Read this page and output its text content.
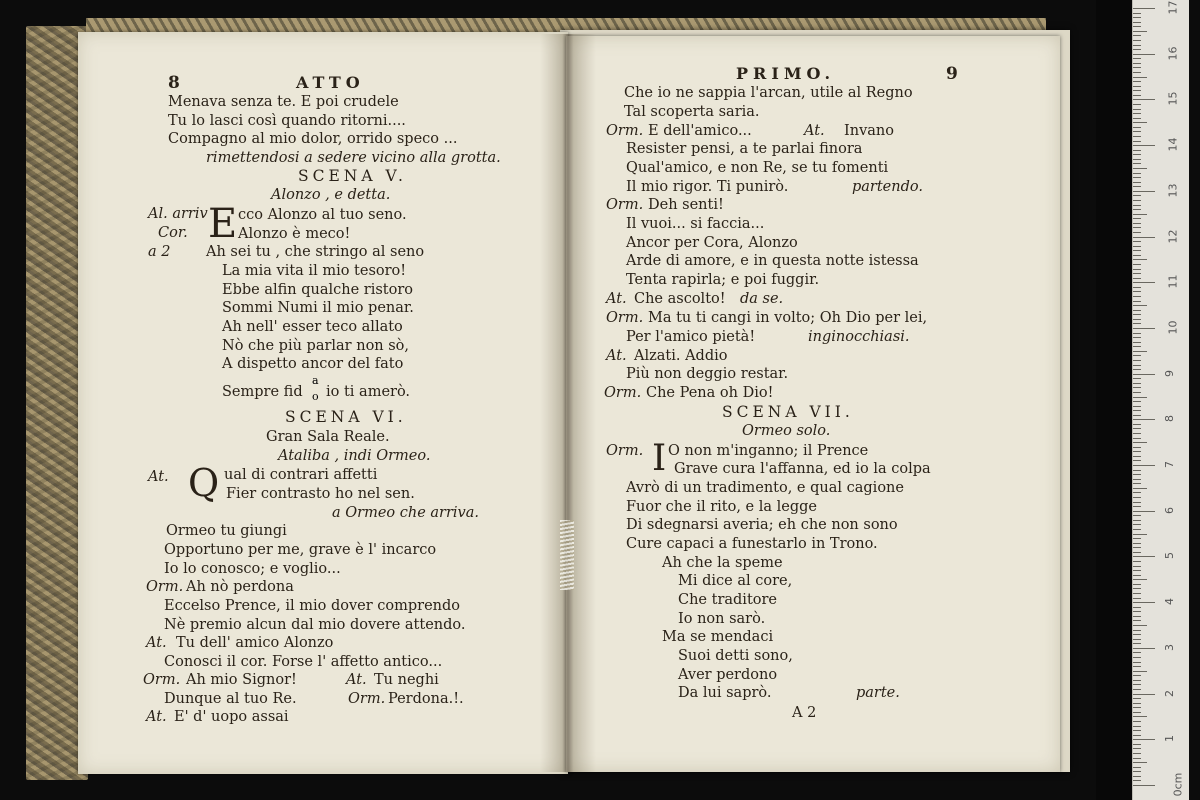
8	ATTO
Menava senza te. E poi crudele
Tu lo lasci così quando ritorni....
Compagno al mio dolor, orrido speco ...
rimettendosi a sedere vicino alla grotta.
SCENA V.
Alonzo , e detta.
Al. arriv E cco Alonzo al tuo seno.
Cor.	Alonzo è meco!
a 2 Ah sei tu , che stringo al seno
La mia vita il mio tesoro!
Ebbe alfin qualche ristoro
Sommi Numi il mio penar.
Ah nell' esser teco allato
Nò che più parlar non sò,
A dispetto ancor del fato
Sempre fid
a
o io ti amerò.
SCENA VI.
Gran Sala Reale.
Ataliba , indi Ormeo.
At. Q ual di contrari affetti
Fier contrasto ho nel sen.
a Ormeo che arriva.
Ormeo tu giungi
Opportuno per me, grave è l' incarco
Io lo conosco; e voglio...
Orm. Ah nò perdona
Eccelso Prence, il mio dover comprendo
Nè premio alcun dal mio dovere attendo.
At. Tu dell' amico Alonzo
Conosci il cor. Forse l' affetto antico...
Orm. Ah mio Signor!	At. Tu neghi
Dunque al tuo Re.	Orm. Perdona.!.
At. E' d' uopo assai
PRIMO.	9
Che io ne sappia l'arcan, utile al Regno
Tal scoperta saria.
Orm. E dell'amico...	At. Invano
Resister pensi, a te parlai finora
Qual'amico, e non Re, se tu fomenti
Il mio rigor. Ti punirò.	partendo.
Orm. Deh senti!
Il vuoi... si faccia...
Ancor per Cora, Alonzo
Arde di amore, e in questa notte istessa
Tenta rapirla; e poi fuggir.
At. Che ascolto! da se.
Orm. Ma tu ti cangi in volto; Oh Dio per lei,
Per l'amico pietà!	inginocchiasi.
At. Alzati. Addio
Più non deggio restar.
Orm. Che Pena oh Dio!
SCENA VII.
Ormeo solo.
Orm. I O non m'inganno; il Prence
Grave cura l'affanna, ed io la colpa
Avrò di un tradimento, e qual cagione
Fuor che il rito, e la legge
Di sdegnarsi averia; eh che non sono
Cure capaci a funestarlo in Trono.
Ah che la speme
Mi dice al core,
Che traditore
Io non sarò.
Ma se mendaci
Suoi detti sono,
Aver perdono
Da lui saprò.	parte.
A 2
0cm
1
2
3
4
5
6
7
8
9
10
11
12
13
14
15
16
17
